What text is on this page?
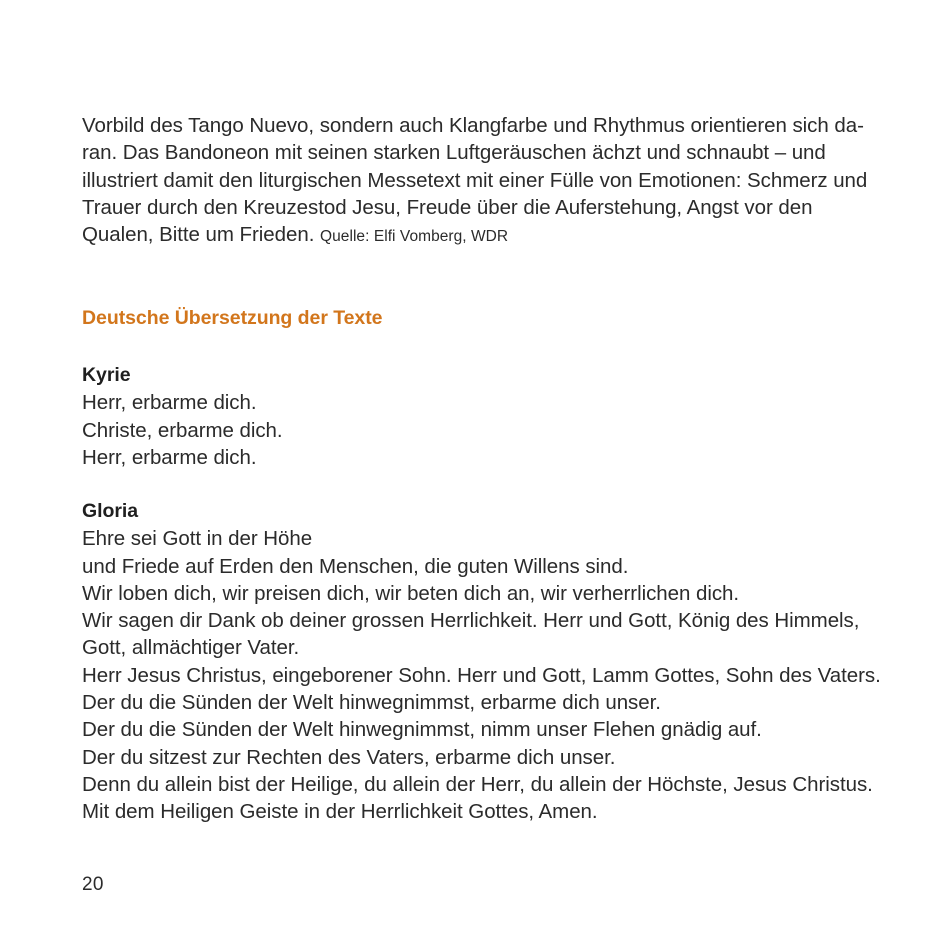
Vorbild des Tango Nuevo, sondern auch Klangfarbe und Rhythmus orientieren sich da-
ran. Das Bandoneon mit seinen starken Luftgeräuschen ächzt und schnaubt – und
illustriert damit den liturgischen Messetext mit einer Fülle von Emotionen: Schmerz und
Trauer durch den Kreuzestod Jesu, Freude über die Auferstehung, Angst vor den
Qualen, Bitte um Frieden. Quelle: Elfi Vomberg, WDR

Deutsche Übersetzung der Texte
Kyrie
Herr, erbarme dich.
Christe, erbarme dich.
Herr, erbarme dich.
Gloria
Ehre sei Gott in der Höhe
und Friede auf Erden den Menschen, die guten Willens sind.
Wir loben dich, wir preisen dich, wir beten dich an, wir verherrlichen dich.
Wir sagen dir Dank ob deiner grossen Herrlichkeit. Herr und Gott, König des Himmels,
Gott, allmächtiger Vater.
Herr Jesus Christus, eingeborener Sohn. Herr und Gott, Lamm Gottes, Sohn des Vaters.
Der du die Sünden der Welt hinwegnimmst, erbarme dich unser.
Der du die Sünden der Welt hinwegnimmst, nimm unser Flehen gnädig auf.
Der du sitzest zur Rechten des Vaters, erbarme dich unser.
Denn du allein bist der Heilige, du allein der Herr, du allein der Höchste, Jesus Christus.
Mit dem Heiligen Geiste in der Herrlichkeit Gottes, Amen.
20
